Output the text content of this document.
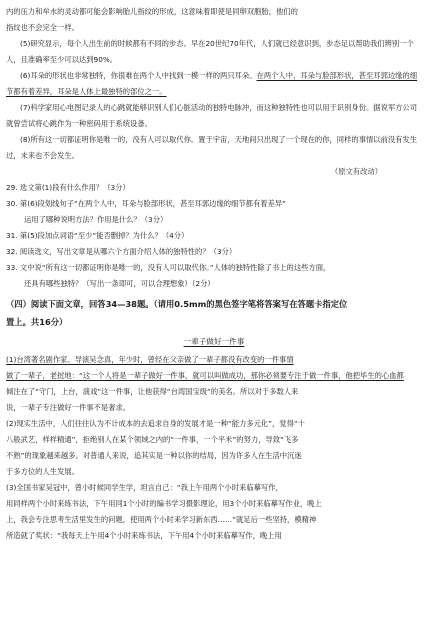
内的压力和牟水的灵动都可能会影响胎儿指纹的形成，这意味着即使是同卵双胞胎，他们的

指纹也不会完全一样。

(5)研究显示，每个人出生前的时候都有不同的步态。早在20世纪70年代，人们就已经意识到，步态足以帮助我们辨别一个人，且准确率至少可以达到90%。

(6)耳朵的形状也非常独特，你很难在两个人中找到一模一样的两只耳朵。在两个人中，耳朵与脸部形状，甚至耳郭边缘的细节都有着差异，耳朵是人体上最独特的部位之一。

(7)科学家用心电图记录人的心跳就能够识别人们心脏活动的独特电脉冲，而这种独特性也可以用于识别身份。据说军方公司就曾尝试将心跳作为一种密码用于系统设备。

(8)所有这一切都证明你是唯一的，没有人可以取代你。置于宇宙，天地间只出现了一个现在的你，同样的事情以前没有发生过，未来也不会发生。

（原文有改动）

29. 选文第(1)段有什么作用？（3分）

30. 第(6)段划线句子“在两个人中，耳朵与脸部形状，甚至耳郭边缘的细节都有着差异”

运用了哪种说明方法？作用是什么？（3分）

31. 第(5)段加点词语“至少”能否删掉？为什么？（4分）

32. 阅读选文，写出文章是从哪六个方面介绍人体的独特性的？（3分）

33. 文中说“所有这一切都证明你是唯一的，没有人可以取代你。”人体的独特性除了书上的这些方面，

还具有哪些独特？（写出一条即可，可以合理想象）（2分）

（四）阅读下面文章，回答34—38题。（请用0.5mm的黑色签字笔将答案写在答题卡指定位

置上。共16分）

一辈子做好一件事

(1)台湾著名剧作家、导演吴念真，年少时，曾经在父亲做了一辈子都没有改变的一件事情

做了一辈子，老挝地：“这一个人将是一辈子做好一件事，就可以叫做成功，那你必须要专注于做一件事，他把毕生的心血都

倾注在了“守门，上台，演戏”这一件事，让他获得“台湾国宝级”的美名。所以对于多数人来

说，一辈子专注做好一件事不是奢求。

(2)现实生活中，人们往往认为不计成本的去追求自身的发展才是一种“能力多元化”，觉得“十

八般武艺，样样精通”，拒绝别人在某个领域之内的“一件事，一个平米”的努力，导致“飞多

不熟”的现象越来越多。对普通人来说，追其实是一种以你的结局，因为许多人在生活中沉迷

于多方位的人生发展。

(3)全国书家吴冠中，曾小时候同学生学，坦言自己：“我上午用两个小时来临摹写作，

用同样两个小时来练书法，下午用同1个小时的编书学习摄影理论，用3个小时来临摹写作业，晚上

上，我会专注思考生活里发生的问题，使用两个小时来学习新东西……”就足后一些坚持，模精神

所造就了奖状：“我每天上午用4个小时来练书法，下午用4个小时来临摹写作，晚上用
